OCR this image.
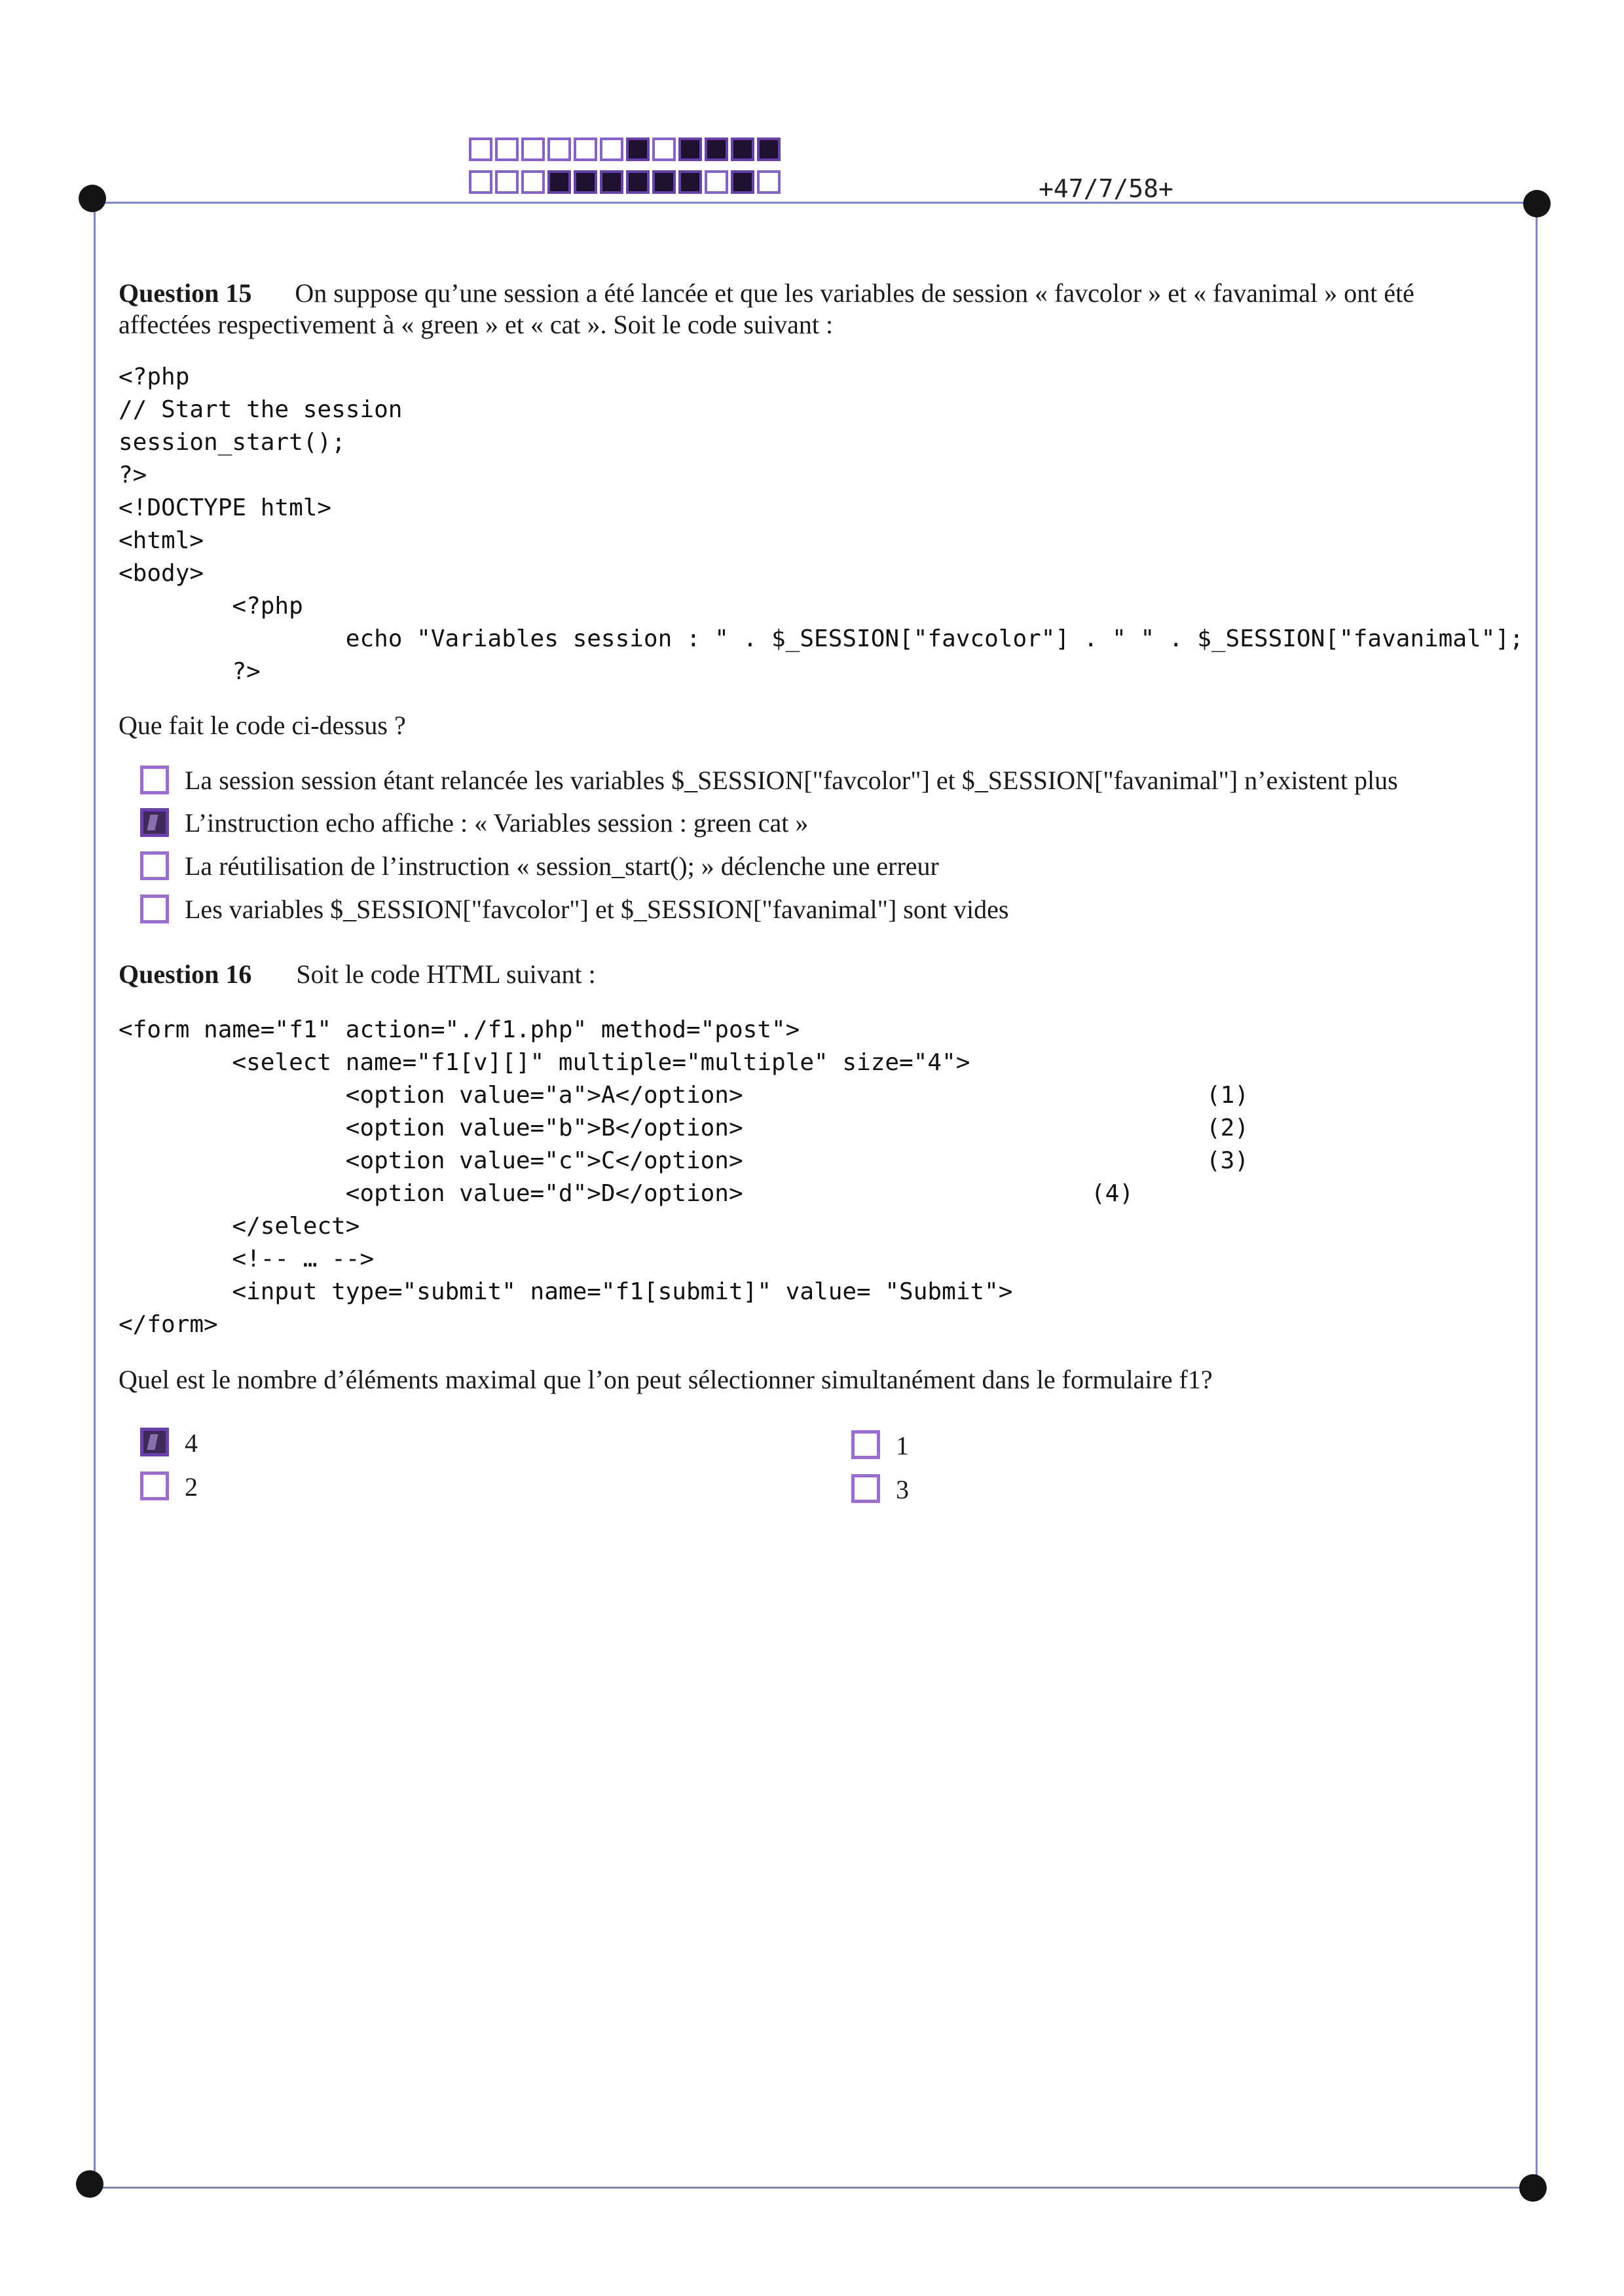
+47/7/58+
Question 15 On suppose qu’une session a été lancée et que les variables de session « favcolor » et « favanimal » ont été
affectées respectivement à « green » et « cat ». Soit le code suivant :
<?php
// Start the session
session_start();
?>
<!DOCTYPE html>
<html>
<body>
<?php
echo "Variables session : " . $_SESSION["favcolor"] . " " . $_SESSION["favanimal"];
?>
Que fait le code ci-dessus ?
La session session étant relancée les variables $_SESSION["favcolor"] et $_SESSION["favanimal"] n’existent plus
L’instruction echo affiche : « Variables session : green cat »
La réutilisation de l’instruction « session_start(); » déclenche une erreur
Les variables $_SESSION["favcolor"] et $_SESSION["favanimal"] sont vides
Question 16 Soit le code HTML suivant :
<form name="f1" action="./f1.php" method="post">
<select name="f1[v][]" multiple="multiple" size="4">
<option value="a">A</option>
<option value="b">B</option>
<option value="c">C</option>
<option value="d">D</option>
</select>
<!-- … -->
<input type="submit" name="f1[submit]" value= "Submit">
</form>
(1)
(2)
(3)
(4)
Quel est le nombre d’éléments maximal que l’on peut sélectionner simultanément dans le formulaire f1?
4	1
2	3
